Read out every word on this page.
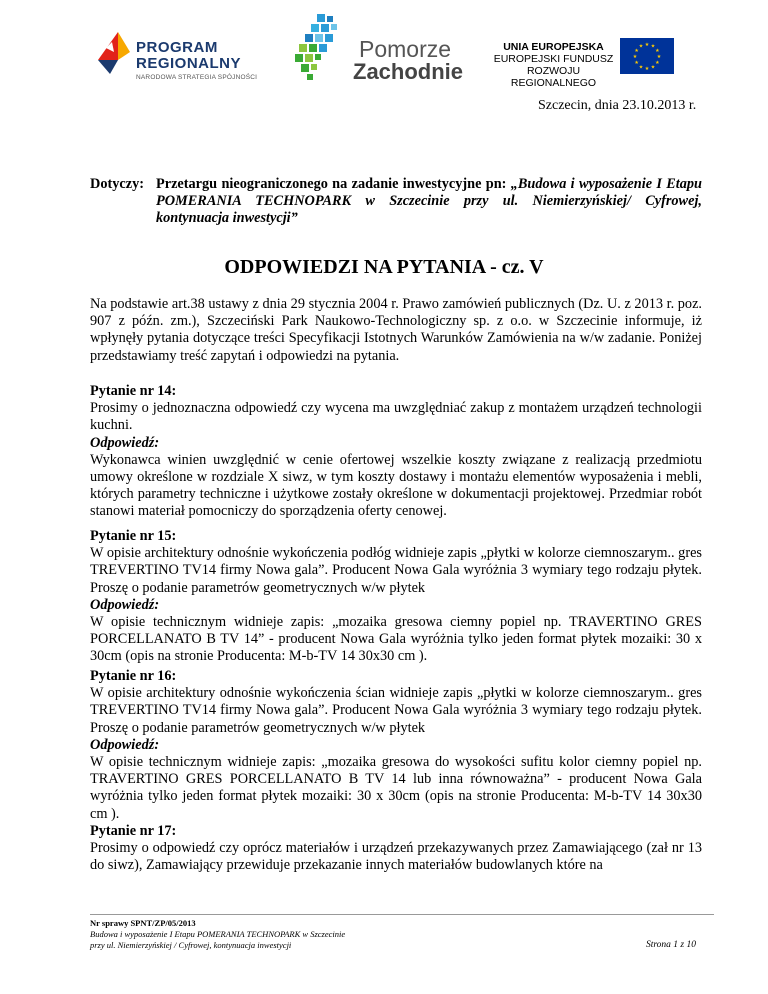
PROGRAM
REGIONALNY
NARODOWA STRATEGIA SPÓJNOŚCI
Pomorze
Zachodnie
UNIA EUROPEJSKA
EUROPEJSKI FUNDUSZ
ROZWOJU REGIONALNEGO
★ ★
★
★
★
★
★
★
★
★
★
★
Szczecin, dnia 23.10.2013 r.
Dotyczy: Przetargu nieograniczonego na zadanie inwestycyjne pn: „Budowa i wyposażenie I Etapu POMERANIA TECHNOPARK w Szczecinie przy ul. Niemierzyńskiej/ Cyfrowej, kontynuacja inwestycji”
ODPOWIEDZI NA PYTANIA - cz. V
Na podstawie art.38 ustawy z dnia 29 stycznia 2004 r. Prawo zamówień publicznych (Dz. U. z 2013 r. poz. 907 z późn. zm.), Szczeciński Park Naukowo-Technologiczny sp. z o.o. w Szczecinie informuje, iż wpłynęły pytania dotyczące treści Specyfikacji Istotnych Warunków Zamówienia na w/w zadanie. Poniżej przedstawiamy treść zapytań i odpowiedzi na pytania.
Pytanie nr 14:
Prosimy o jednoznaczna odpowiedź czy wycena ma uwzględniać zakup z montażem urządzeń technologii kuchni.
Odpowiedź:
Wykonawca winien uwzględnić w cenie ofertowej wszelkie koszty związane z realizacją przedmiotu umowy określone w rozdziale X siwz, w tym koszty dostawy i montażu elementów wyposażenia i mebli, których parametry techniczne i użytkowe zostały określone w dokumentacji projektowej. Przedmiar robót stanowi materiał pomocniczy do sporządzenia oferty cenowej.
Pytanie nr 15:
W opisie architektury odnośnie wykończenia podłóg widnieje zapis „płytki w kolorze ciemnoszarym.. gres TREVERTINO TV14 firmy Nowa gala”. Producent Nowa Gala wyróżnia 3 wymiary tego rodzaju płytek. Proszę o podanie parametrów geometrycznych w/w płytek
Odpowiedź:
W opisie technicznym widnieje zapis: „mozaika gresowa ciemny popiel np. TRAVERTINO GRES PORCELLANATO B TV 14” - producent Nowa Gala wyróżnia tylko jeden format płytek mozaiki: 30 x 30cm (opis na stronie Producenta: M-b-TV 14 30x30 cm ).
Pytanie nr 16:
W opisie architektury odnośnie wykończenia ścian widnieje zapis „płytki w kolorze ciemnoszarym.. gres TREVERTINO TV14 firmy Nowa gala”. Producent Nowa Gala wyróżnia 3 wymiary tego rodzaju płytek. Proszę o podanie parametrów geometrycznych w/w płytek
Odpowiedź:
W opisie technicznym widnieje zapis: „mozaika gresowa do wysokości sufitu kolor ciemny popiel np. TRAVERTINO GRES PORCELLANATO B TV 14 lub inna równoważna” - producent Nowa Gala wyróżnia tylko jeden format płytek mozaiki: 30 x 30cm (opis na stronie Producenta: M-b-TV 14 30x30 cm ).
Pytanie nr 17:
Prosimy o odpowiedź czy oprócz materiałów i urządzeń przekazywanych przez Zamawiającego (zał nr 13 do siwz), Zamawiający przewiduje przekazanie innych materiałów budowlanych które na
Nr sprawy SPNT/ZP/05/2013
Budowa i wyposażenie I Etapu POMERANIA TECHNOPARK w Szczecinie
przy ul. Niemierzyńskiej / Cyfrowej, kontynuacja inwestycji	Strona 1 z 10
